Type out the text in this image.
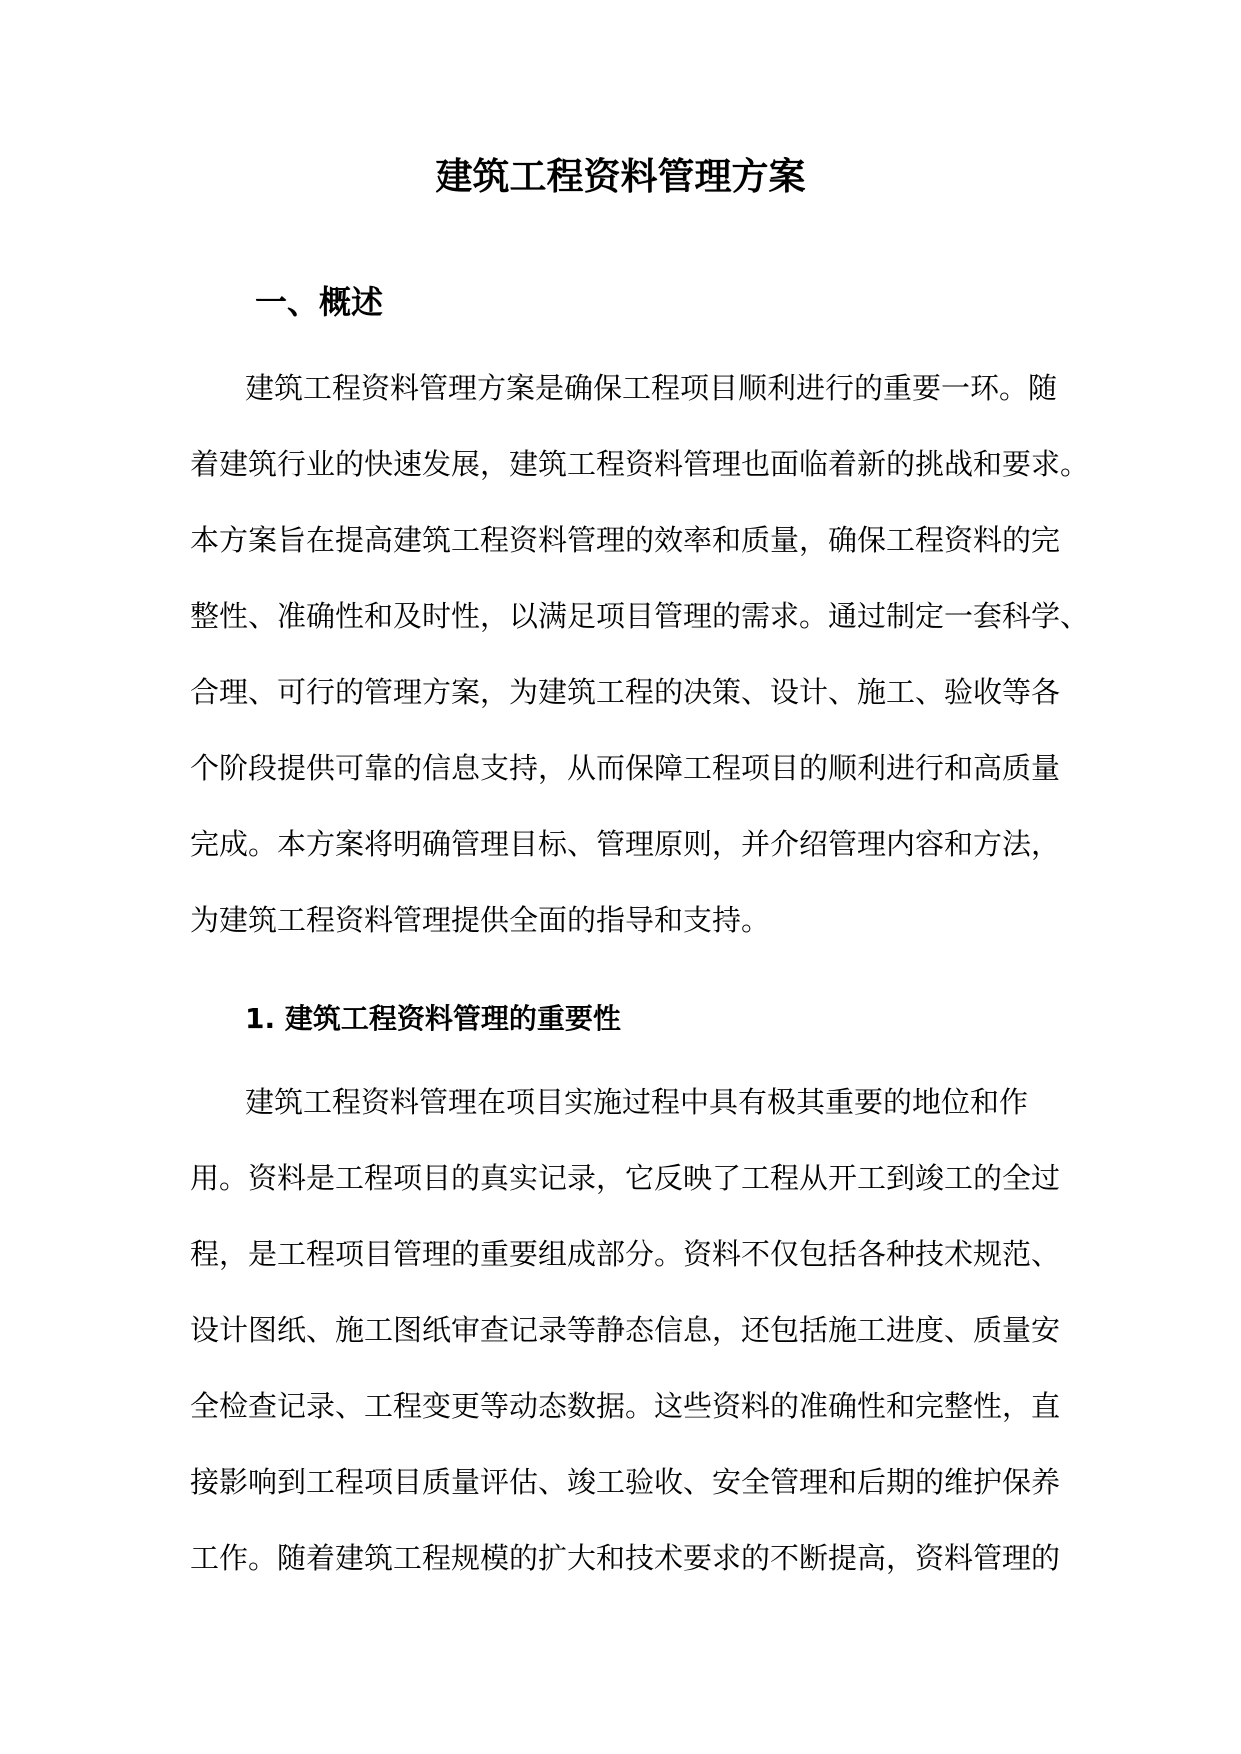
建筑工程资料管理方案
一、概述

建筑工程资料管理方案是确保工程项目顺利进行的重要一环。随
着建筑行业的快速发展，建筑工程资料管理也面临着新的挑战和要求。
本方案旨在提高建筑工程资料管理的效率和质量，确保工程资料的完
整性、准确性和及时性，以满足项目管理的需求。通过制定一套科学、
合理、可行的管理方案，为建筑工程的决策、设计、施工、验收等各
个阶段提供可靠的信息支持，从而保障工程项目的顺利进行和高质量
完成。本方案将明确管理目标、管理原则，并介绍管理内容和方法，
为建筑工程资料管理提供全面的指导和支持。

1. 建筑工程资料管理的重要性

建筑工程资料管理在项目实施过程中具有极其重要的地位和作
用。资料是工程项目的真实记录，它反映了工程从开工到竣工的全过
程，是工程项目管理的重要组成部分。资料不仅包括各种技术规范、
设计图纸、施工图纸审查记录等静态信息，还包括施工进度、质量安
全检查记录、工程变更等动态数据。这些资料的准确性和完整性，直
接影响到工程项目质量评估、竣工验收、安全管理和后期的维护保养
工作。随着建筑工程规模的扩大和技术要求的不断提高，资料管理的
